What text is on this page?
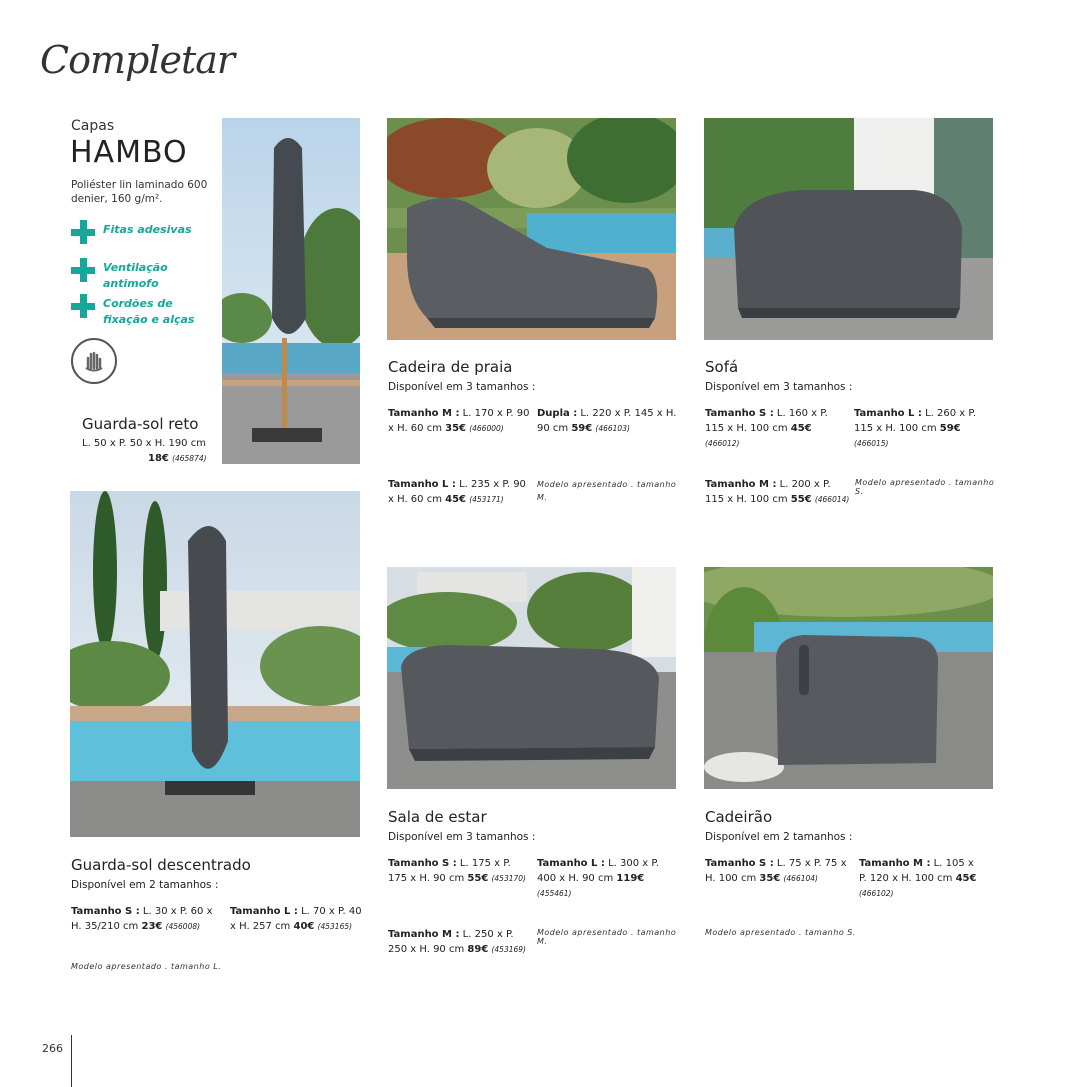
Completar
Capas
HAMBO
Poliéster lin laminado 600 denier, 160 g/m².
Fitas adesivas
Ventilação antimofo
Cordões de fixação e alças
Guarda-sol reto
L. 50 x P. 50 x H. 190 cm
18€ (465874)
Cadeira de praia
Disponível em 3 tamanhos :
Tamanho M : L. 170 x P. 90 x H. 60 cm 35€ (466000)
Dupla : L. 220 x P. 145 x H. 90 cm 59€ (466103)
Tamanho L : L. 235 x P. 90 x H. 60 cm 45€ (453171)
Modelo apresentado . tamanho M.
Sofá
Disponível em 3 tamanhos :
Tamanho S : L. 160 x P. 115 x H. 100 cm 45€ (466012)
Tamanho L : L. 260 x P. 115 x H. 100 cm 59€ (466015)
Tamanho M : L. 200 x P. 115 x H. 100 cm 55€ (466014)
Modelo apresentado . tamanho S.
Guarda-sol descentrado
Disponível em 2 tamanhos :
Tamanho S : L. 30 x P. 60 x H. 35/210 cm 23€ (456008)
Tamanho L : L. 70 x P. 40 x H. 257 cm 40€ (453165)
Modelo apresentado . tamanho L.
Sala de estar
Disponível em 3 tamanhos :
Tamanho S : L. 175 x P. 175 x H. 90 cm 55€ (453170)
Tamanho L : L. 300 x P. 400 x H. 90 cm 119€ (455461)
Tamanho M : L. 250 x P. 250 x H. 90 cm 89€ (453169)
Modelo apresentado . tamanho M.
Cadeirão
Disponível em 2 tamanhos :
Tamanho S : L. 75 x P. 75 x H. 100 cm 35€ (466104)
Tamanho M : L. 105 x P. 120 x H. 100 cm 45€ (466102)
Modelo apresentado . tamanho S.
266
